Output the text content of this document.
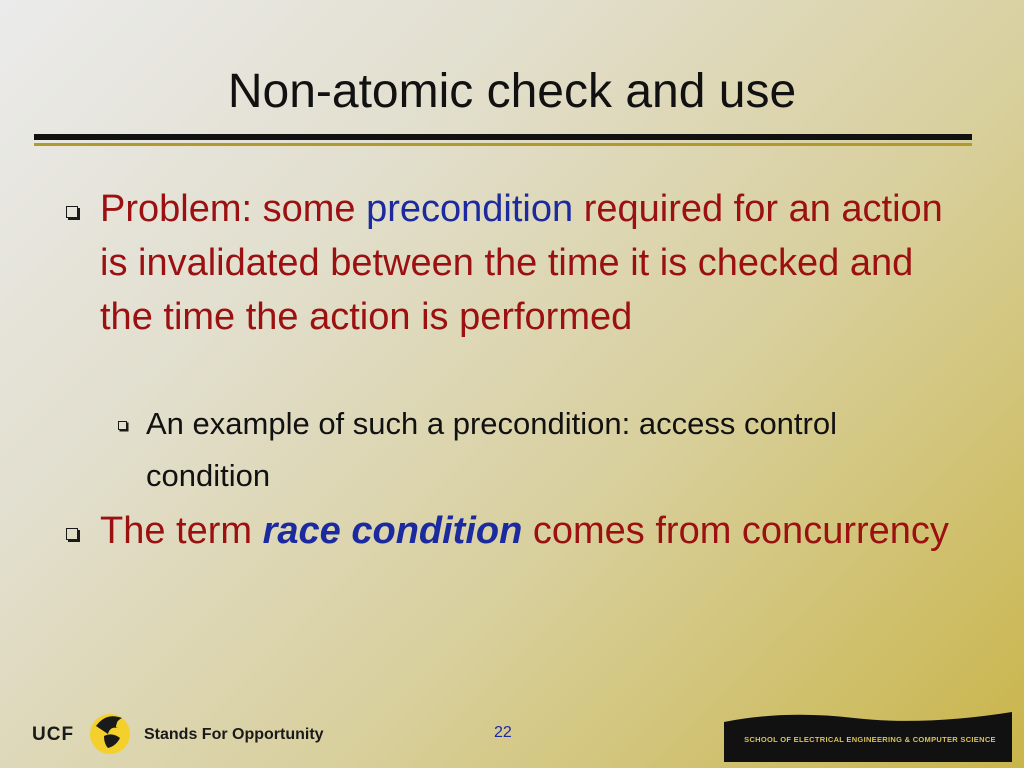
Non-atomic check and use
Problem: some precondition required for an action is invalidated between the time it is checked and the time the action is performed
An example of such a precondition: access control condition
The term race condition comes from concurrency
UCF	Stands For Opportunity	22	SCHOOL OF ELECTRICAL ENGINEERING & COMPUTER SCIENCE
